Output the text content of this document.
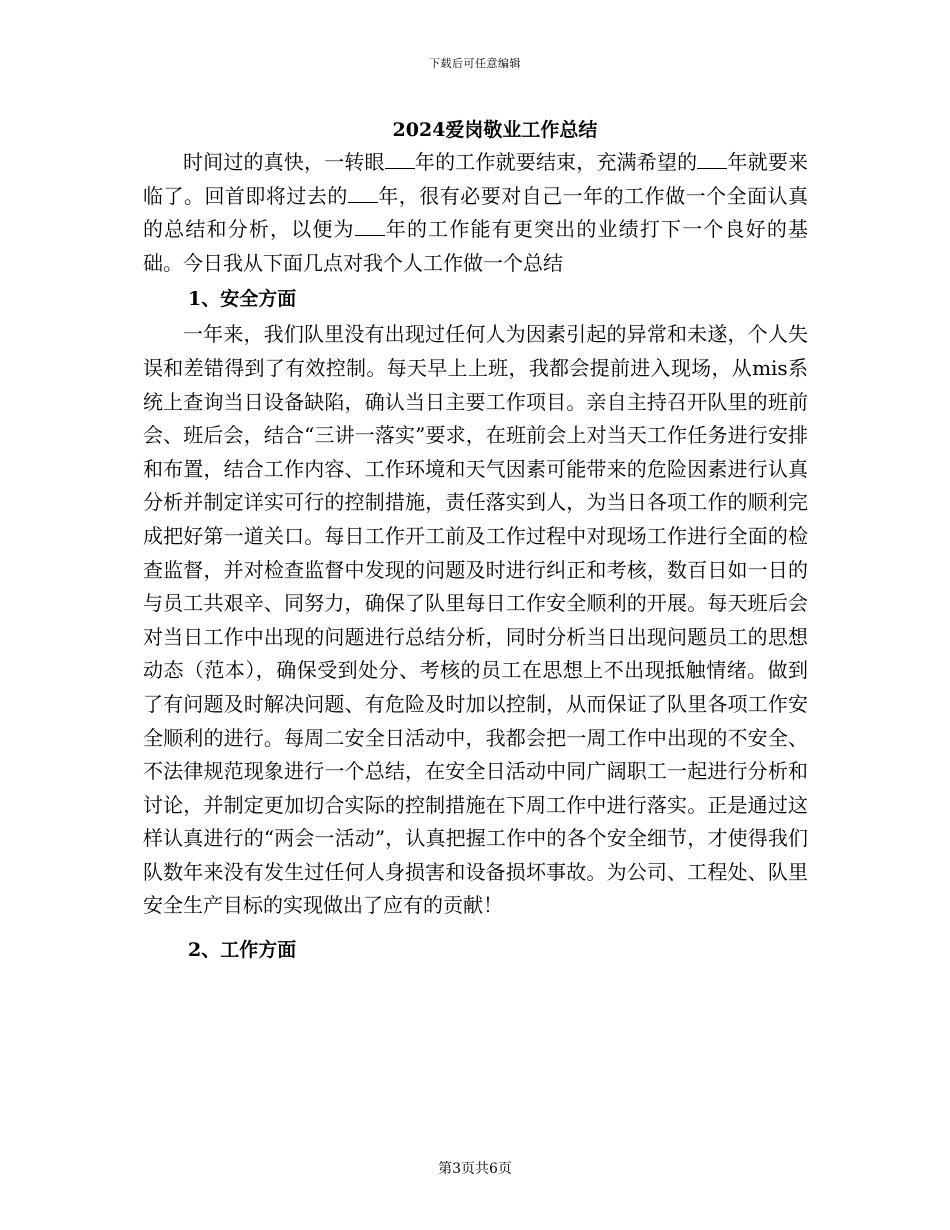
下载后可任意编辑
2024爱岗敬业工作总结

时间过的真快，一转眼 年的工作就要结束，充满希望的 年就要来临了。回首即将过去的 年，很有必要对自己一年的工作做一个全面认真的总结和分析，以便为 年的工作能有更突出的业绩打下一个良好的基础。今日我从下面几点对我个人工作做一个总结

1、安全方面

一年来，我们队里没有出现过任何人为因素引起的异常和未遂，个人失误和差错得到了有效控制。每天早上上班，我都会提前进入现场，从mis系统上查询当日设备缺陷，确认当日主要工作项目。亲自主持召开队里的班前会、班后会，结合“三讲一落实”要求，在班前会上对当天工作任务进行安排和布置，结合工作内容、工作环境和天气因素可能带来的危险因素进行认真分析并制定详实可行的控制措施，责任落实到人，为当日各项工作的顺利完成把好第一道关口。每日工作开工前及工作过程中对现场工作进行全面的检查监督，并对检查监督中发现的问题及时进行纠正和考核，数百日如一日的与员工共艰辛、同努力，确保了队里每日工作安全顺利的开展。每天班后会对当日工作中出现的问题进行总结分析，同时分析当日出现问题员工的思想动态（范本），确保受到处分、考核的员工在思想上不出现抵触情绪。做到了有问题及时解决问题、有危险及时加以控制，从而保证了队里各项工作安全顺利的进行。每周二安全日活动中，我都会把一周工作中出现的不安全、不法律规范现象进行一个总结，在安全日活动中同广阔职工一起进行分析和讨论，并制定更加切合实际的控制措施在下周工作中进行落实。正是通过这样认真进行的“两会一活动”，认真把握工作中的各个安全细节，才使得我们队数年来没有发生过任何人身损害和设备损坏事故。为公司、工程处、队里安全生产目标的实现做出了应有的贡献！

2、工作方面
第3页共6页
